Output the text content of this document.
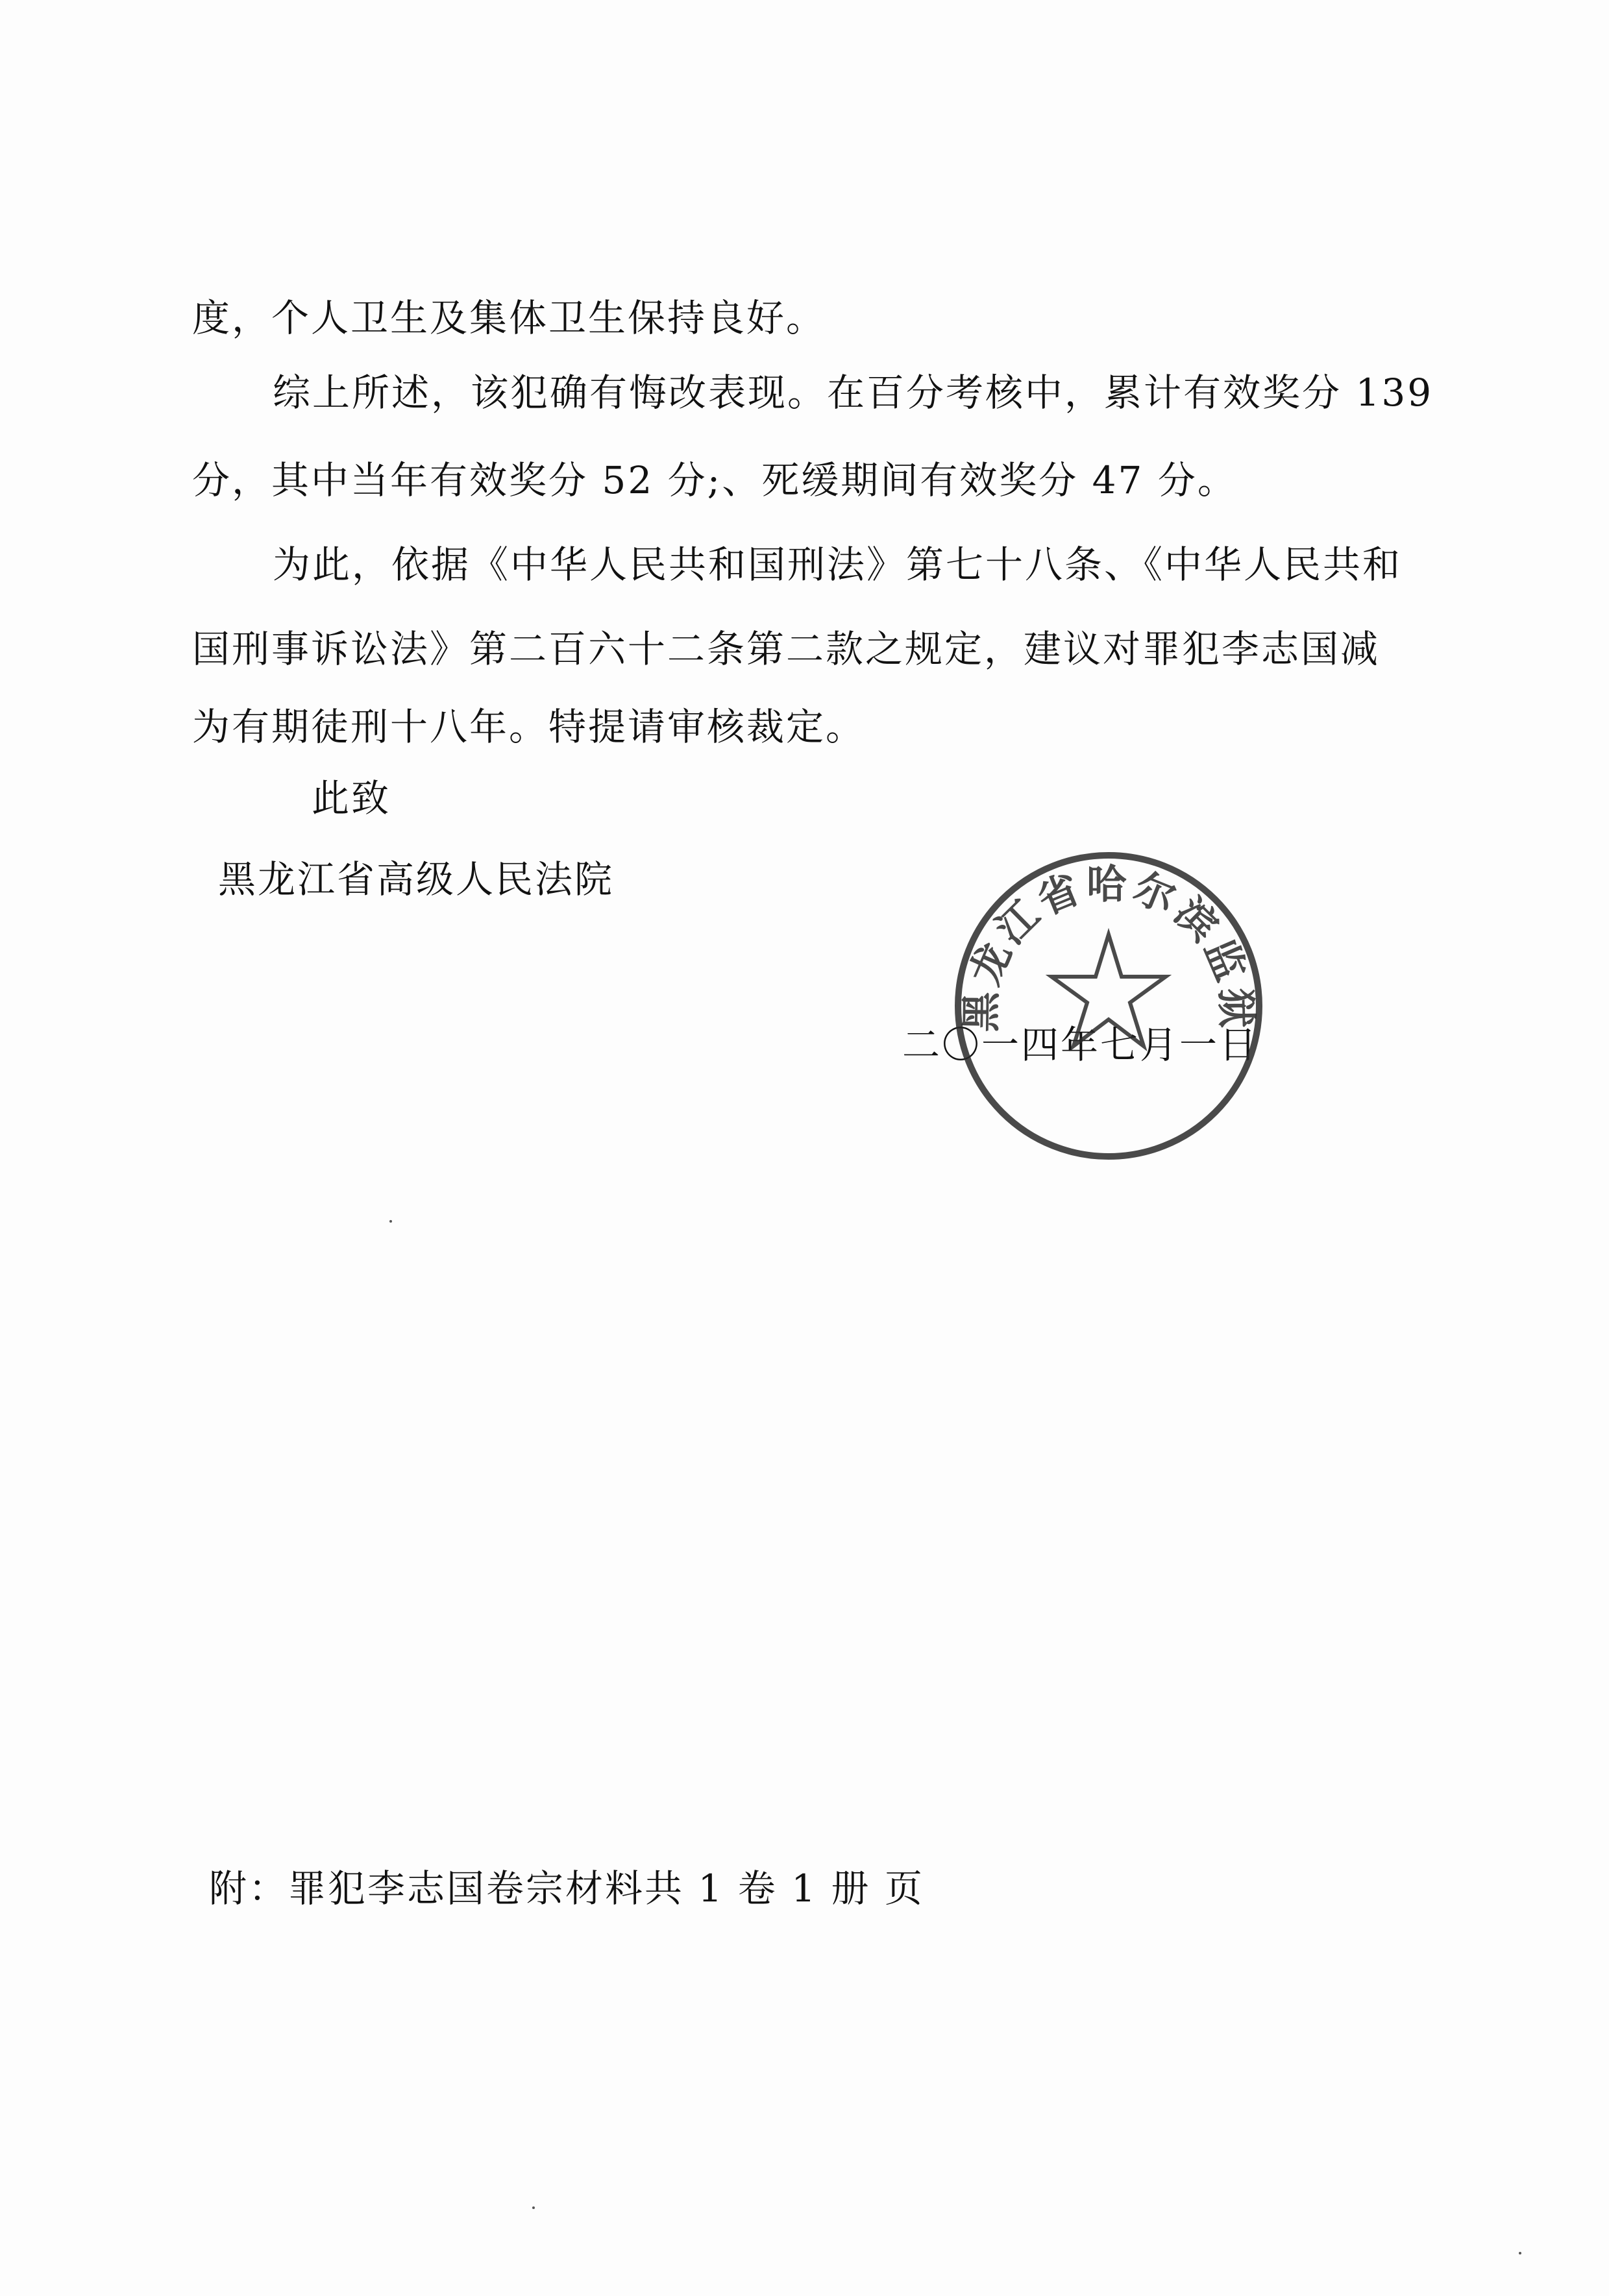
度，个人卫生及集体卫生保持良好。
综上所述，该犯确有悔改表现。在百分考核中，累计有效奖分 139
分，其中当年有效奖分 52 分;、死缓期间有效奖分 47 分。
为此，依据《中华人民共和国刑法》第七十八条、《中华人民共和
国刑事诉讼法》第二百六十二条第二款之规定，建议对罪犯李志国减
为有期徒刑十八年。特提请审核裁定。
此致
黑龙江省高级人民法院
二〇一四年七月一日
黑龙江省哈尔滨监狱
附：罪犯李志国卷宗材料共 1 卷 1 册 页
